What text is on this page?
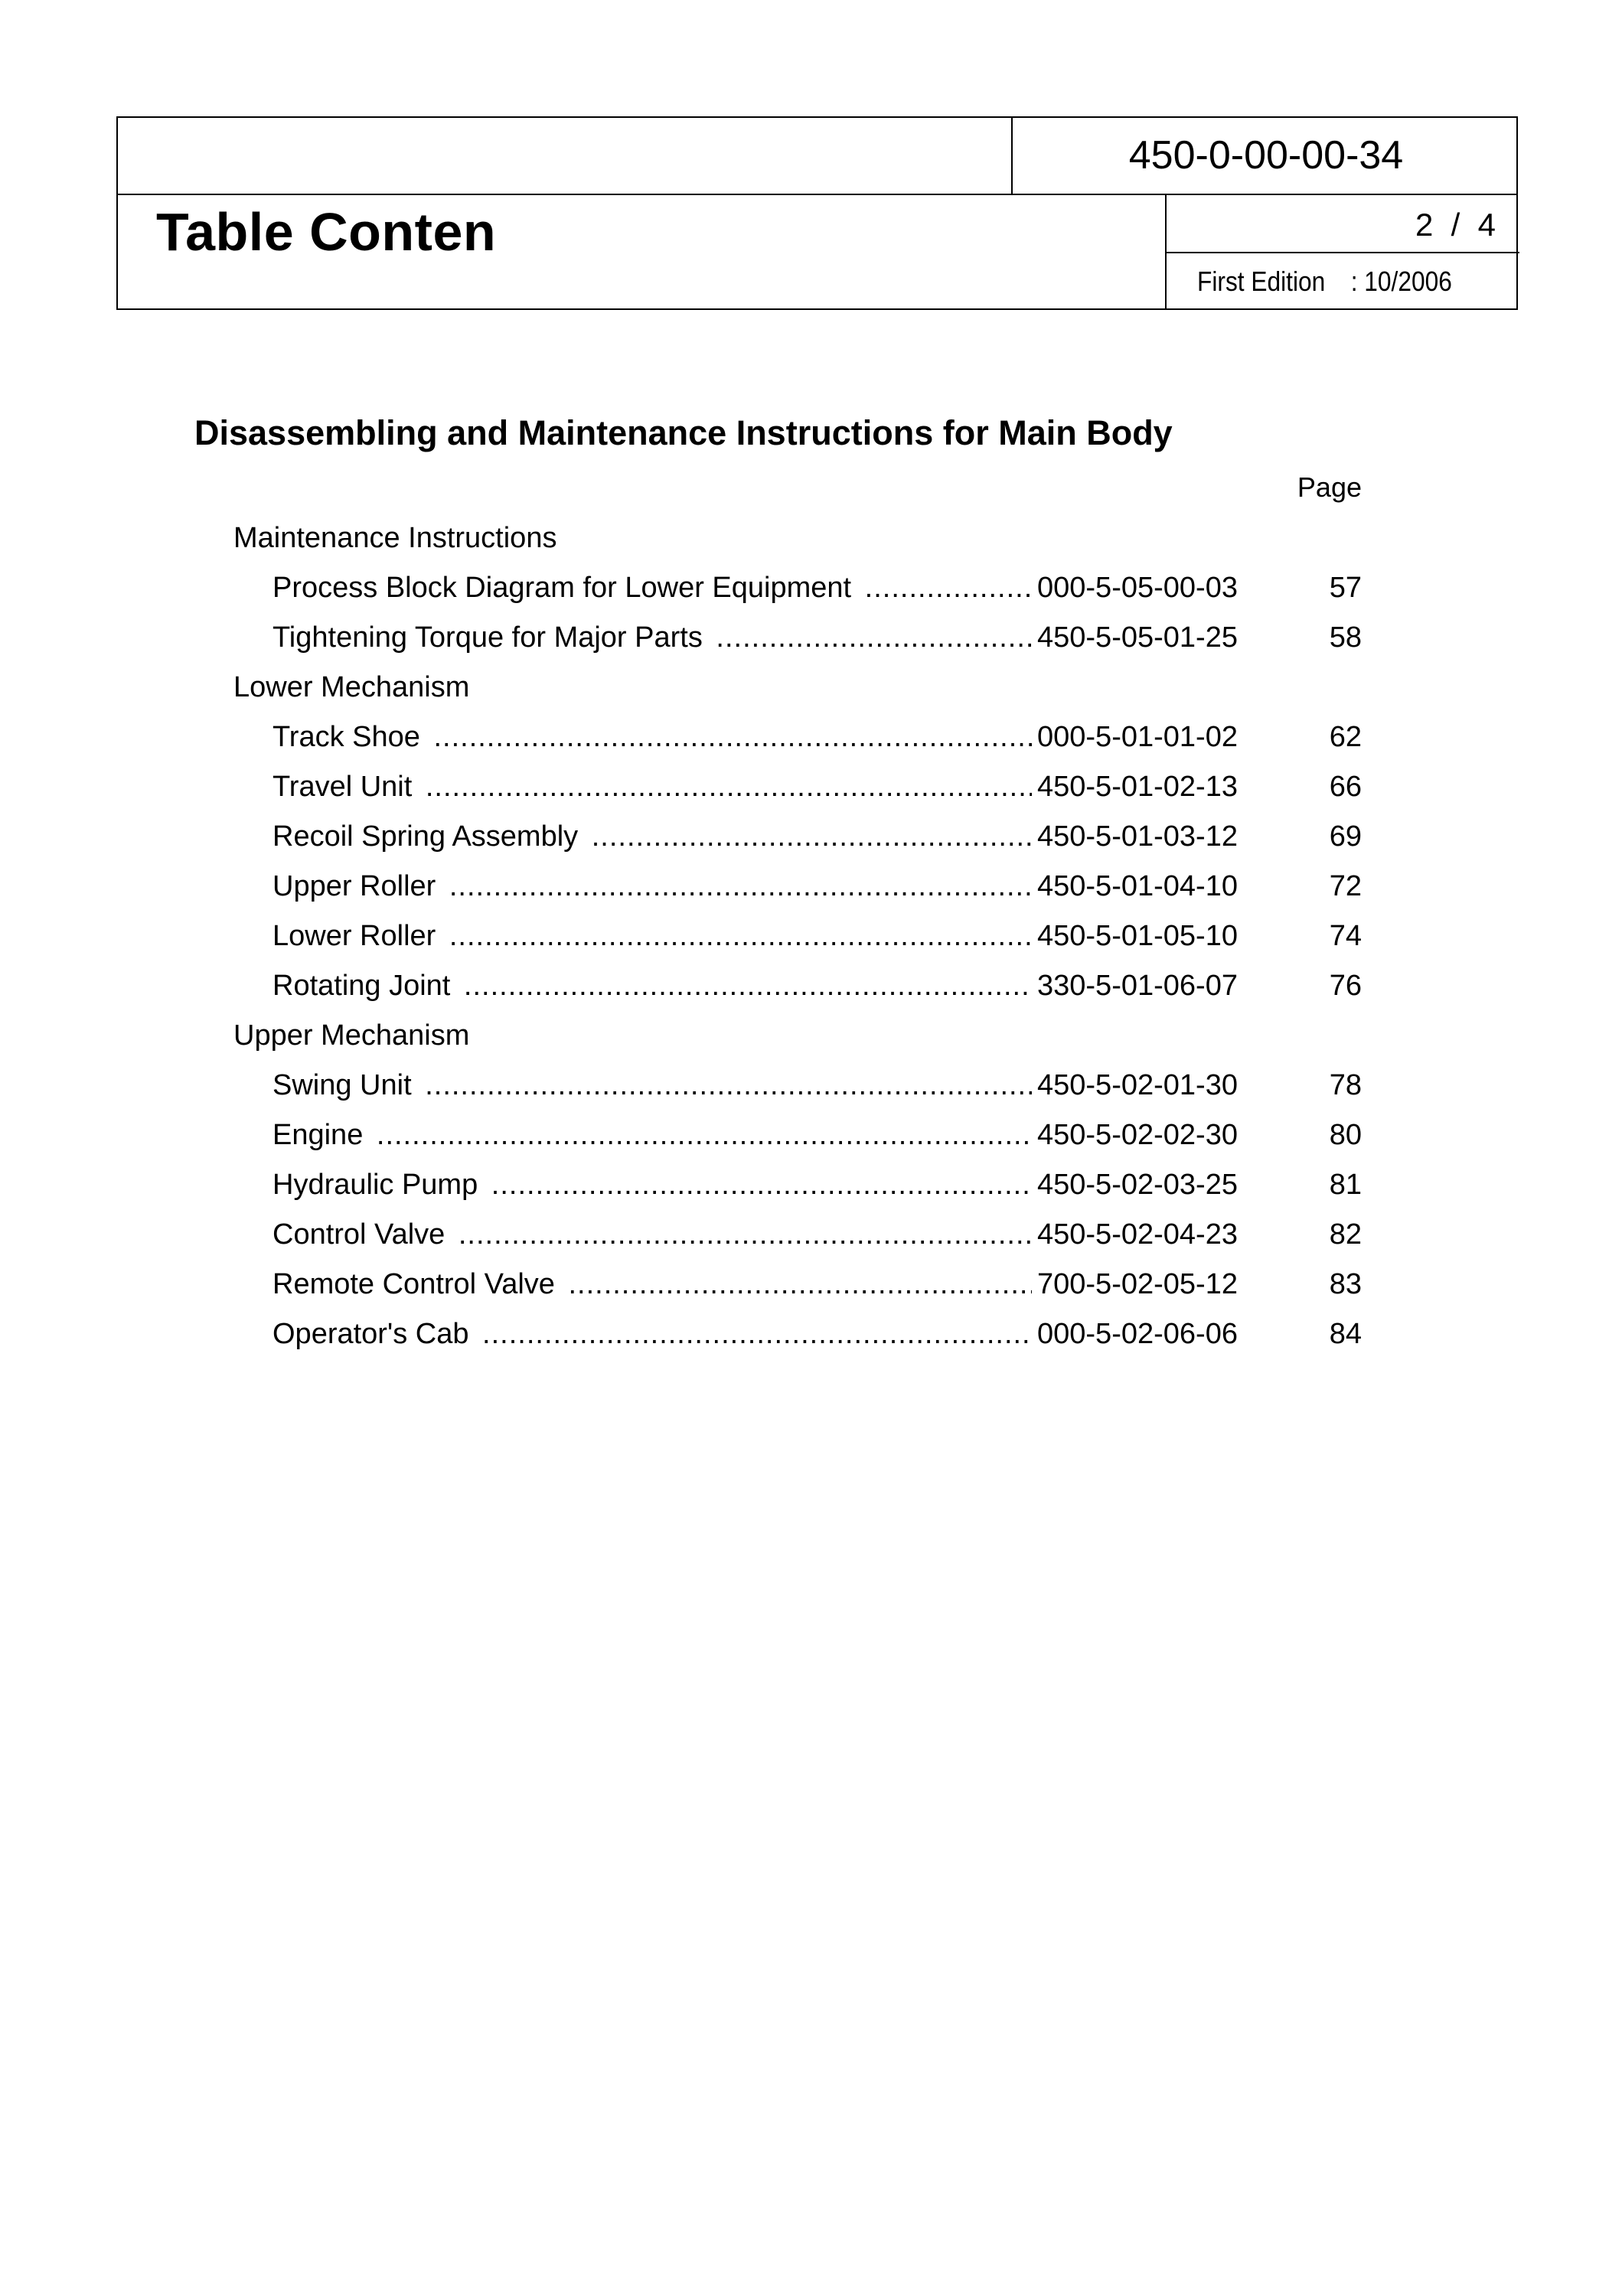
450-0-00-00-34
Table Conten	2  /  4
First Edition : 10/2006
Disassembling and Maintenance Instructions for Main Body
Page
Maintenance Instructions
Process Block Diagram for Lower Equipment .....	000-5-05-00-03	57
Tightening Torque for Major Parts .....	450-5-05-01-25	58
Lower Mechanism
Track Shoe .....	000-5-01-01-02	62
Travel Unit .....	450-5-01-02-13	66
Recoil Spring Assembly .....	450-5-01-03-12	69
Upper Roller .....	450-5-01-04-10	72
Lower Roller .....	450-5-01-05-10	74
Rotating Joint .....	330-5-01-06-07	76
Upper Mechanism
Swing Unit .....	450-5-02-01-30	78
Engine .....	450-5-02-02-30	80
Hydraulic Pump .....	450-5-02-03-25	81
Control Valve .....	450-5-02-04-23	82
Remote Control Valve .....	700-5-02-05-12	83
Operator's Cab .....	000-5-02-06-06	84
